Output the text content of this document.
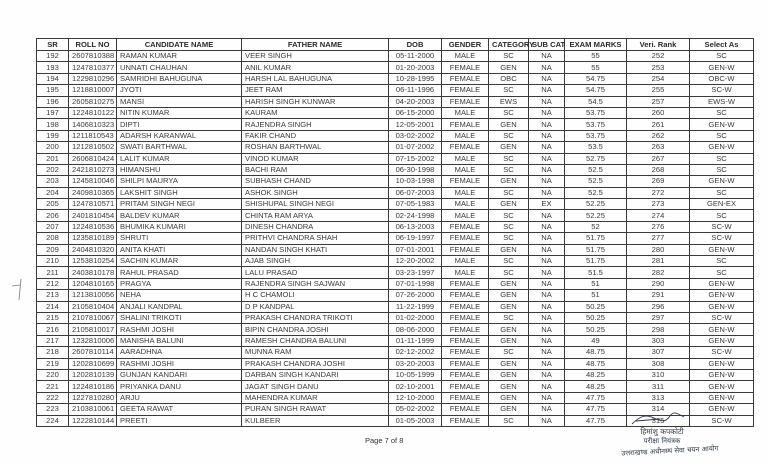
SR	ROLL NO	CANDIDATE NAME	FATHER NAME	DOB	GENDER	CATEGORY	SUB CAT	EXAM MARKS	Veri. Rank	Select As
192	2607810388	RAMAN KUMAR	VEER SINGH	05-11-2000	MALE	SC	NA	55	252	SC
193	1247810377	UNNATI CHAUHAN	ANIL KUMAR	01-20-2003	FEMALE	GEN	NA	55	253	GEN-W
194	1229810296	SAMRIDHI BAHUGUNA	HARSH LAL BAHUGUNA	10-28-1995	FEMALE	OBC	NA	54.75	254	OBC-W
195	1218810007	JYOTI	JEET RAM	06-11-1996	FEMALE	SC	NA	54.75	255	SC-W
196	2605810275	MANSI	HARISH SINGH KUNWAR	04-20-2003	FEMALE	EWS	NA	54.5	257	EWS-W
197	1224810122	NITIN KUMAR	KAURAM	06-15-2000	MALE	SC	NA	53.75	260	SC
198	1406810323	DIPTI	RAJENDRA SINGH	12-05-2001	FEMALE	GEN	NA	53.75	261	GEN-W
199	1211810543	ADARSH KARANWAL	FAKIR CHAND	03-02-2002	MALE	SC	NA	53.75	262	SC
200	1212810502	SWATI BARTHWAL	ROSHAN BARTHWAL	01-07-2002	FEMALE	GEN	NA	53.5	263	GEN-W
201	2606810424	LALIT KUMAR	VINOD KUMAR	07-15-2002	MALE	SC	NA	52.75	267	SC
202	2421810273	HIMANSHU	BACHI RAM	06-30-1998	MALE	SC	NA	52.5	268	SC
203	1245810046	SHILPI MAURYA	SUBHASH CHAND	10-03-1998	FEMALE	GEN	NA	52.5	269	GEN-W
204	2409810365	LAKSHIT SINGH	ASHOK SINGH	06-07-2003	MALE	SC	NA	52.5	272	SC
205	1247810571	PRITAM SINGH NEGI	SHISHUPAL SINGH NEGI	07-05-1983	MALE	GEN	EX	52.25	273	GEN-EX
206	2401810454	BALDEV KUMAR	CHINTA RAM ARYA	02-24-1998	MALE	SC	NA	52.25	274	SC
207	1224810536	BHUMIKA KUMARI	DINESH CHANDRA	06-13-2003	FEMALE	SC	NA	52	276	SC-W
208	1235810189	SHRUTI	PRITHVI CHANDRA SHAH	06-19-1997	FEMALE	SC	NA	51.75	277	SC-W
209	2404810320	ANITA KHATI	NANDAN SINGH KHATI	07-01-2001	FEMALE	GEN	NA	51.75	280	GEN-W
210	1253810254	SACHIN KUMAR	AJAB SINGH	12-20-2002	MALE	SC	NA	51.75	281	SC
211	2403810178	RAHUL PRASAD	LALU PRASAD	03-23-1997	MALE	SC	NA	51.5	282	SC
212	1204810165	PRAGYA	RAJENDRA SINGH SAJWAN	07-01-1998	FEMALE	GEN	NA	51	290	GEN-W
213	1213810056	NEHA	H C CHAMOLI	07-26-2000	FEMALE	GEN	NA	51	291	GEN-W
214	2105810404	ANJALI KANDPAL	D P KANDPAL	11-22-1999	FEMALE	GEN	NA	50.25	296	GEN-W
215	2107810067	SHALINI TRIKOTI	PRAKASH CHANDRA TRIKOTI	01-02-2000	FEMALE	SC	NA	50.25	297	SC-W
216	2105810017	RASHMI JOSHI	BIPIN CHANDRA JOSHI	08-06-2000	FEMALE	GEN	NA	50.25	298	GEN-W
217	1232810006	MANISHA BALUNI	RAMESH CHANDRA BALUNI	01-11-1999	FEMALE	GEN	NA	49	303	GEN-W
218	2607810114	AARADHNA	MUNNA RAM	02-12-2002	FEMALE	SC	NA	48.75	307	SC-W
219	1202810699	RASHMI JOSHI	PRAKASH CHANDRA JOSHI	03-20-2003	FEMALE	GEN	NA	48.75	308	GEN-W
220	1202810139	GUNJAN KANDARI	DARBAN SINGH KANDARI	10-05-1999	FEMALE	GEN	NA	48.25	310	GEN-W
221	1224810186	PRIYANKA DANU	JAGAT SINGH DANU	02-10-2001	FEMALE	GEN	NA	48.25	311	GEN-W
222	1227810280	ARJU	MAHENDRA KUMAR	12-10-2000	FEMALE	GEN	NA	47.75	313	GEN-W
223	2103810061	GEETA RAWAT	PURAN SINGH RAWAT	05-02-2002	FEMALE	GEN	NA	47.75	314	GEN-W
224	1222810144	PREETI	KULBEER	01-05-2003	FEMALE	SC	NA	47.75	315	SC-W
Page 7 of 8
हिमांशु कपकोटी
परीक्षा नियंत्रक
उत्तराखण्ड अधीनस्थ सेवा चयन आयोग
